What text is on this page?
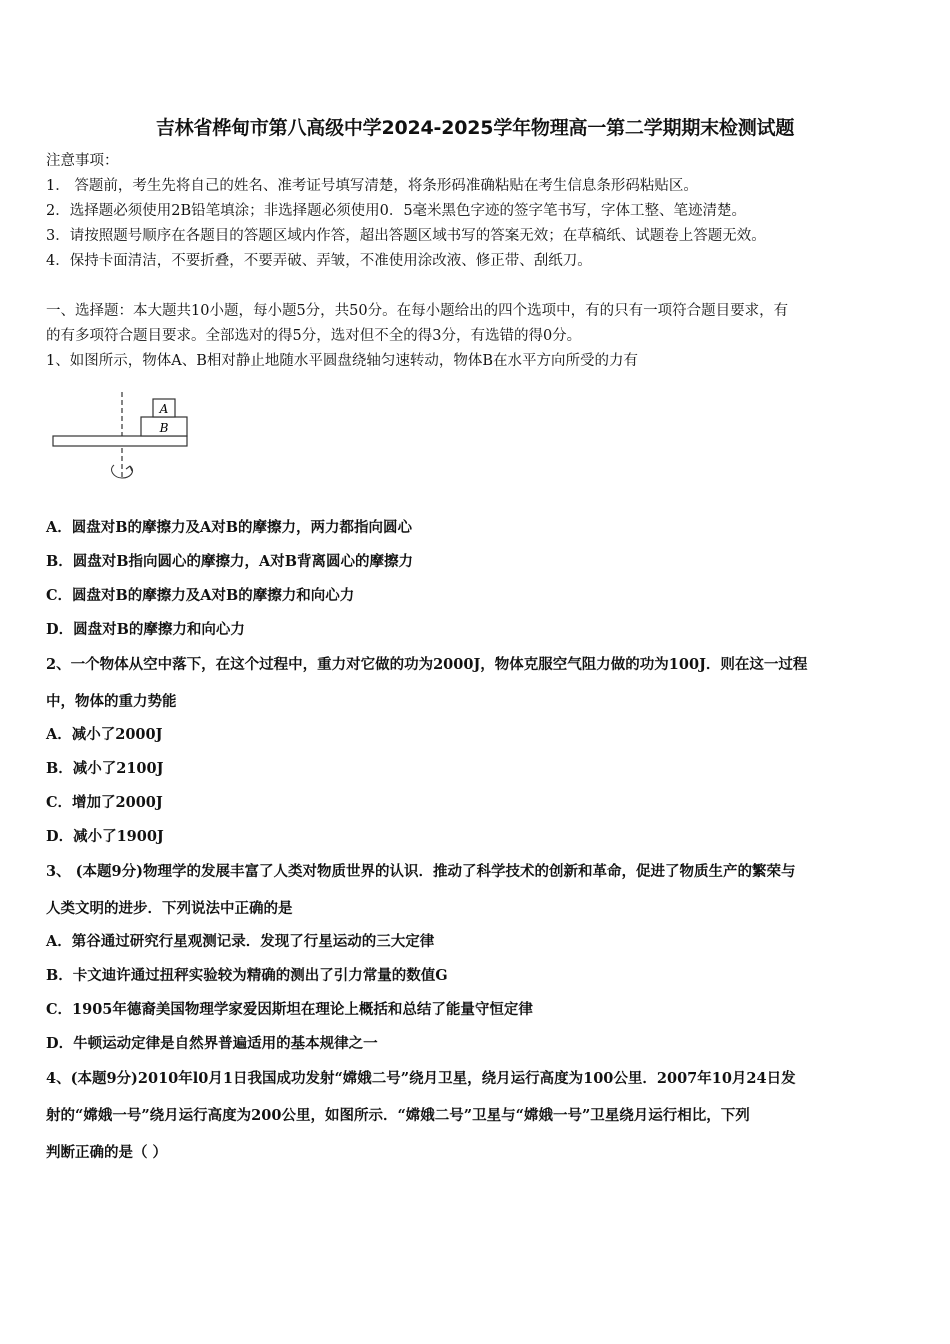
吉林省桦甸市第八高级中学2024-2025学年物理高一第二学期期末检测试题
注意事项：
1． 答题前，考生先将自己的姓名、准考证号填写清楚，将条形码准确粘贴在考生信息条形码粘贴区。
2．选择题必须使用2B铅笔填涂；非选择题必须使用0．5毫米黑色字迹的签字笔书写，字体工整、笔迹清楚。
3．请按照题号顺序在各题目的答题区域内作答，超出答题区域书写的答案无效；在草稿纸、试题卷上答题无效。
4．保持卡面清洁，不要折叠，不要弄破、弄皱，不准使用涂改液、修正带、刮纸刀。
一、选择题：本大题共10小题，每小题5分，共50分。在每小题给出的四个选项中，有的只有一项符合题目要求，有
的有多项符合题目要求。全部选对的得5分，选对但不全的得3分，有选错的得0分。
1、如图所示，物体A、B相对静止地随水平圆盘绕轴匀速转动，物体B在水平方向所受的力有
A
B
A．圆盘对B的摩擦力及A对B的摩擦力，两力都指向圆心
B．圆盘对B指向圆心的摩擦力，A对B背离圆心的摩擦力
C．圆盘对B的摩擦力及A对B的摩擦力和向心力
D．圆盘对B的摩擦力和向心力
2、一个物体从空中落下，在这个过程中，重力对它做的功为2000J，物体克服空气阻力做的功为100J．则在这一过程
中，物体的重力势能
A．减小了2000J
B．减小了2100J
C．增加了2000J
D．减小了1900J
3、 (本题9分)物理学的发展丰富了人类对物质世界的认识．推动了科学技术的创新和革命，促进了物质生产的繁荣与
人类文明的进步．下列说法中正确的是
A．第谷通过研究行星观测记录．发现了行星运动的三大定律
B．卡文迪许通过扭秤实验较为精确的测出了引力常量的数值G
C．1905年德裔美国物理学家爱因斯坦在理论上概括和总结了能量守恒定律
D．牛顿运动定律是自然界普遍适用的基本规律之一
4、(本题9分)2010年l0月1日我国成功发射“嫦娥二号”绕月卫星，绕月运行高度为100公里．2007年10月24日发
射的“嫦娥一号”绕月运行高度为200公里，如图所示．“嫦娥二号”卫星与“嫦娥一号”卫星绕月运行相比，下列
判断正确的是（ ）
